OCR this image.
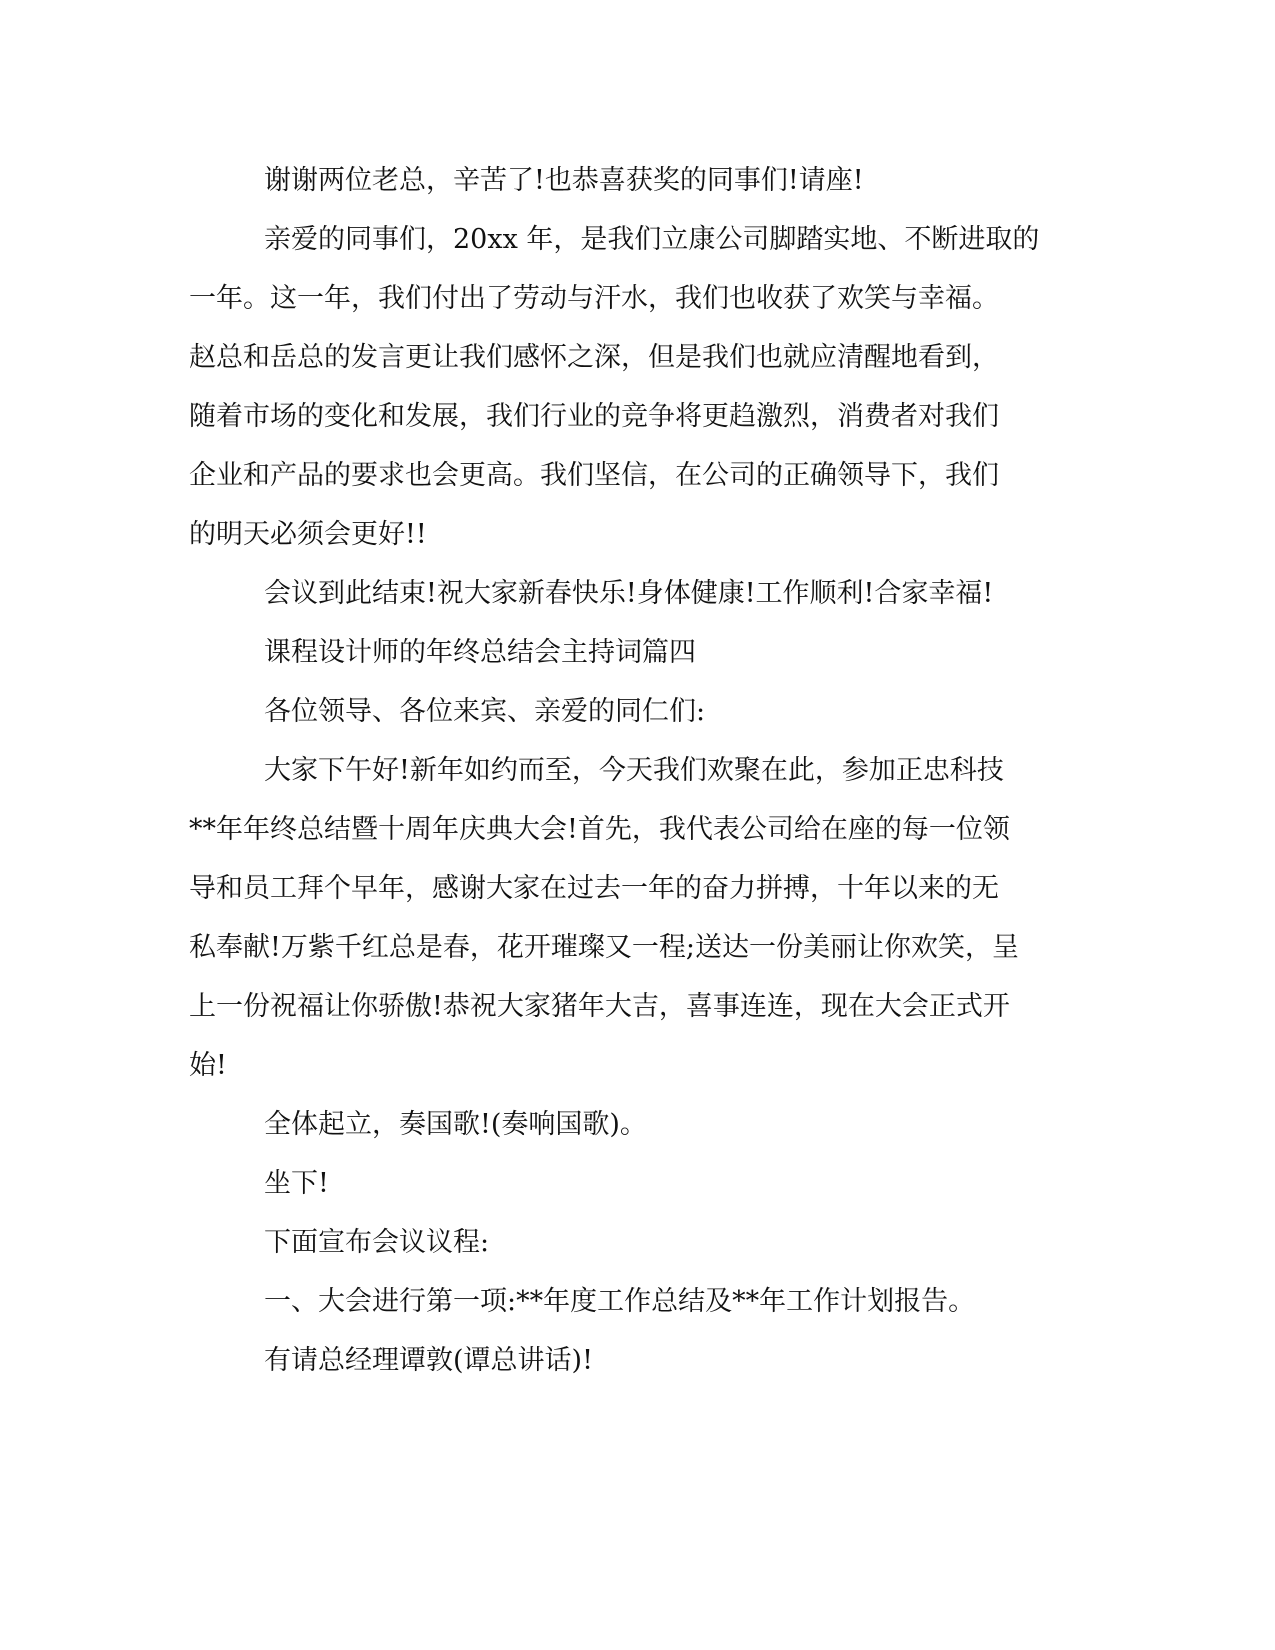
谢谢两位老总，辛苦了!也恭喜获奖的同事们!请座!

亲爱的同事们，20xx 年，是我们立康公司脚踏实地、不断进取的

一年。这一年，我们付出了劳动与汗水，我们也收获了欢笑与幸福。

赵总和岳总的发言更让我们感怀之深，但是我们也就应清醒地看到，

随着市场的变化和发展，我们行业的竞争将更趋激烈，消费者对我们

企业和产品的要求也会更高。我们坚信，在公司的正确领导下，我们

的明天必须会更好!!

会议到此结束!祝大家新春快乐!身体健康!工作顺利!合家幸福!

课程设计师的年终总结会主持词篇四

各位领导、各位来宾、亲爱的同仁们:

大家下午好!新年如约而至，今天我们欢聚在此，参加正忠科技

**年年终总结暨十周年庆典大会!首先，我代表公司给在座的每一位领

导和员工拜个早年，感谢大家在过去一年的奋力拼搏，十年以来的无

私奉献!万紫千红总是春，花开璀璨又一程;送达一份美丽让你欢笑，呈

上一份祝福让你骄傲!恭祝大家猪年大吉，喜事连连，现在大会正式开

始!

全体起立，奏国歌!(奏响国歌)。

坐下!

下面宣布会议议程:

一、大会进行第一项:**年度工作总结及**年工作计划报告。

有请总经理谭敦(谭总讲话)!
